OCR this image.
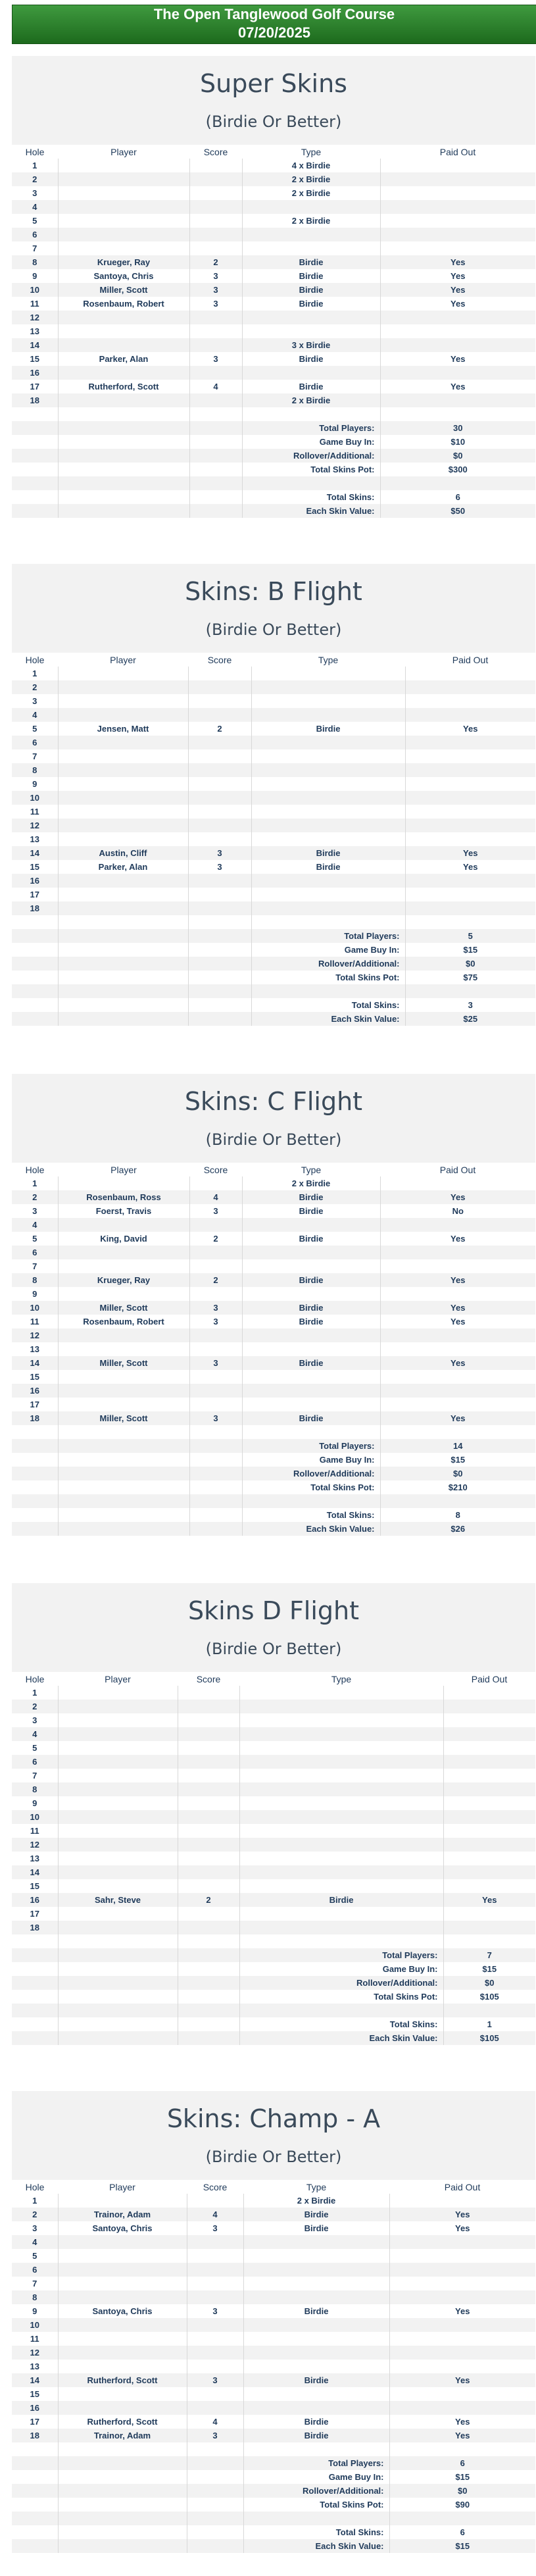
The Open Tanglewood Golf Course
07/20/2025
Super Skins
(Birdie Or Better)
Hole	Player	Score	Type	Paid Out
1			4 x Birdie	
2			2 x Birdie	
3			2 x Birdie	
4				
5			2 x Birdie	
6				
7				
8	Krueger, Ray	2	Birdie	Yes
9	Santoya, Chris	3	Birdie	Yes
10	Miller, Scott	3	Birdie	Yes
11	Rosenbaum, Robert	3	Birdie	Yes
12				
13				
14			3 x Birdie	
15	Parker, Alan	3	Birdie	Yes
16				
17	Rutherford, Scott	4	Birdie	Yes
18			2 x Birdie	

			Total Players:	30
			Game Buy In:	$10
			Rollover/Additional:	$0
			Total Skins Pot:	$300

			Total Skins:	6
			Each Skin Value:	$50
Skins: B Flight
(Birdie Or Better)
Hole	Player	Score	Type	Paid Out
1				
2				
3				
4				
5	Jensen, Matt	2	Birdie	Yes
6				
7				
8				
9				
10				
11				
12				
13				
14	Austin, Cliff	3	Birdie	Yes
15	Parker, Alan	3	Birdie	Yes
16				
17				
18				

			Total Players:	5
			Game Buy In:	$15
			Rollover/Additional:	$0
			Total Skins Pot:	$75

			Total Skins:	3
			Each Skin Value:	$25
Skins: C Flight
(Birdie Or Better)
Hole	Player	Score	Type	Paid Out
1			2 x Birdie	
2	Rosenbaum, Ross	4	Birdie	Yes
3	Foerst, Travis	3	Birdie	No
4				
5	King, David	2	Birdie	Yes
6				
7				
8	Krueger, Ray	2	Birdie	Yes
9				
10	Miller, Scott	3	Birdie	Yes
11	Rosenbaum, Robert	3	Birdie	Yes
12				
13				
14	Miller, Scott	3	Birdie	Yes
15				
16				
17				
18	Miller, Scott	3	Birdie	Yes

			Total Players:	14
			Game Buy In:	$15
			Rollover/Additional:	$0
			Total Skins Pot:	$210

			Total Skins:	8
			Each Skin Value:	$26
Skins D Flight
(Birdie Or Better)
Hole	Player	Score	Type	Paid Out
1				
2				
3				
4				
5				
6				
7				
8				
9				
10				
11				
12				
13				
14				
15				
16	Sahr, Steve	2	Birdie	Yes
17				
18				

			Total Players:	7
			Game Buy In:	$15
			Rollover/Additional:	$0
			Total Skins Pot:	$105

			Total Skins:	1
			Each Skin Value:	$105
Skins: Champ - A
(Birdie Or Better)
Hole	Player	Score	Type	Paid Out
1			2 x Birdie	
2	Trainor, Adam	4	Birdie	Yes
3	Santoya, Chris	3	Birdie	Yes
4				
5				
6				
7				
8				
9	Santoya, Chris	3	Birdie	Yes
10				
11				
12				
13				
14	Rutherford, Scott	3	Birdie	Yes
15				
16				
17	Rutherford, Scott	4	Birdie	Yes
18	Trainor, Adam	3	Birdie	Yes

			Total Players:	6
			Game Buy In:	$15
			Rollover/Additional:	$0
			Total Skins Pot:	$90

			Total Skins:	6
			Each Skin Value:	$15
